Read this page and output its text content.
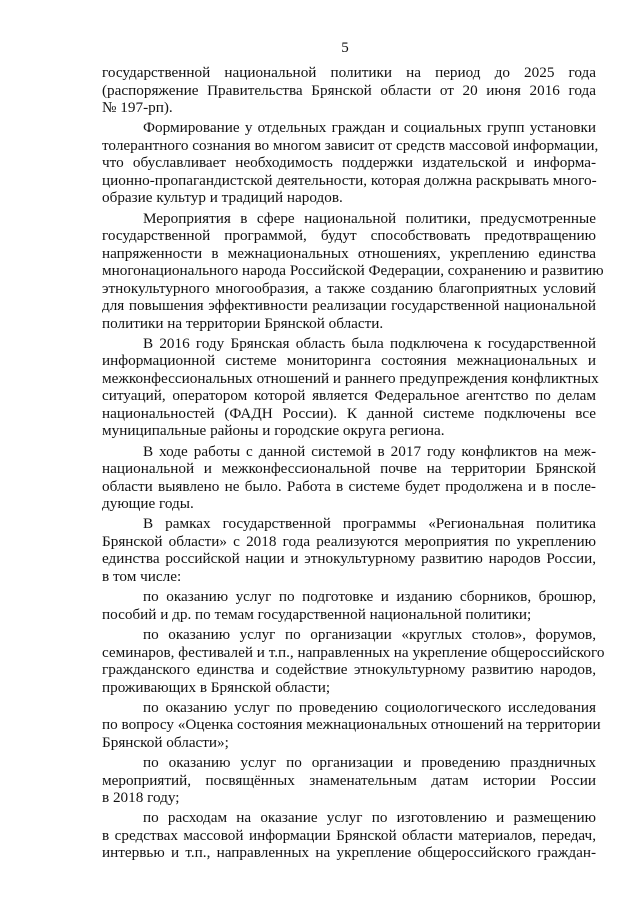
5
государственной национальной политики на период до 2025 года
(распоряжение Правительства Брянской области от 20 июня 2016 года
№ 197-рп).
Формирование у отдельных граждан и социальных групп установки
толерантного сознания во многом зависит от средств массовой информации,
что обуславливает необходимость поддержки издательской и информа-
ционно-пропагандистской деятельности, которая должна раскрывать много-
образие культур и традиций народов.
Мероприятия в сфере национальной политики, предусмотренные
государственной программой, будут способствовать предотвращению
напряженности в межнациональных отношениях, укреплению единства
многонационального народа Российской Федерации, сохранению и развитию
этнокультурного многообразия, а также созданию благоприятных условий
для повышения эффективности реализации государственной национальной
политики на территории Брянской области.
В 2016 году Брянская область была подключена к государственной
информационной системе мониторинга состояния межнациональных и
межконфессиональных отношений и раннего предупреждения конфликтных
ситуаций, оператором которой является Федеральное агентство по делам
национальностей (ФАДН России). К данной системе подключены все
муниципальные районы и городские округа региона.
В ходе работы с данной системой в 2017 году конфликтов на меж-
национальной и межконфессиональной почве на территории Брянской
области выявлено не было. Работа в системе будет продолжена и в после-
дующие годы.
В рамках государственной программы «Региональная политика
Брянской области» с 2018 года реализуются мероприятия по укреплению
единства российской нации и этнокультурному развитию народов России,
в том числе:
по оказанию услуг по подготовке и изданию сборников, брошюр,
пособий и др. по темам государственной национальной политики;
по оказанию услуг по организации «круглых столов», форумов,
семинаров, фестивалей и т.п., направленных на укрепление общероссийского
гражданского единства и содействие этнокультурному развитию народов,
проживающих в Брянской области;
по оказанию услуг по проведению социологического исследования
по вопросу «Оценка состояния межнациональных отношений на территории
Брянской области»;
по оказанию услуг по организации и проведению праздничных
мероприятий, посвящённых знаменательным датам истории России
в 2018 году;
по расходам на оказание услуг по изготовлению и размещению
в средствах массовой информации Брянской области материалов, передач,
интервью и т.п., направленных на укрепление общероссийского граждан-
